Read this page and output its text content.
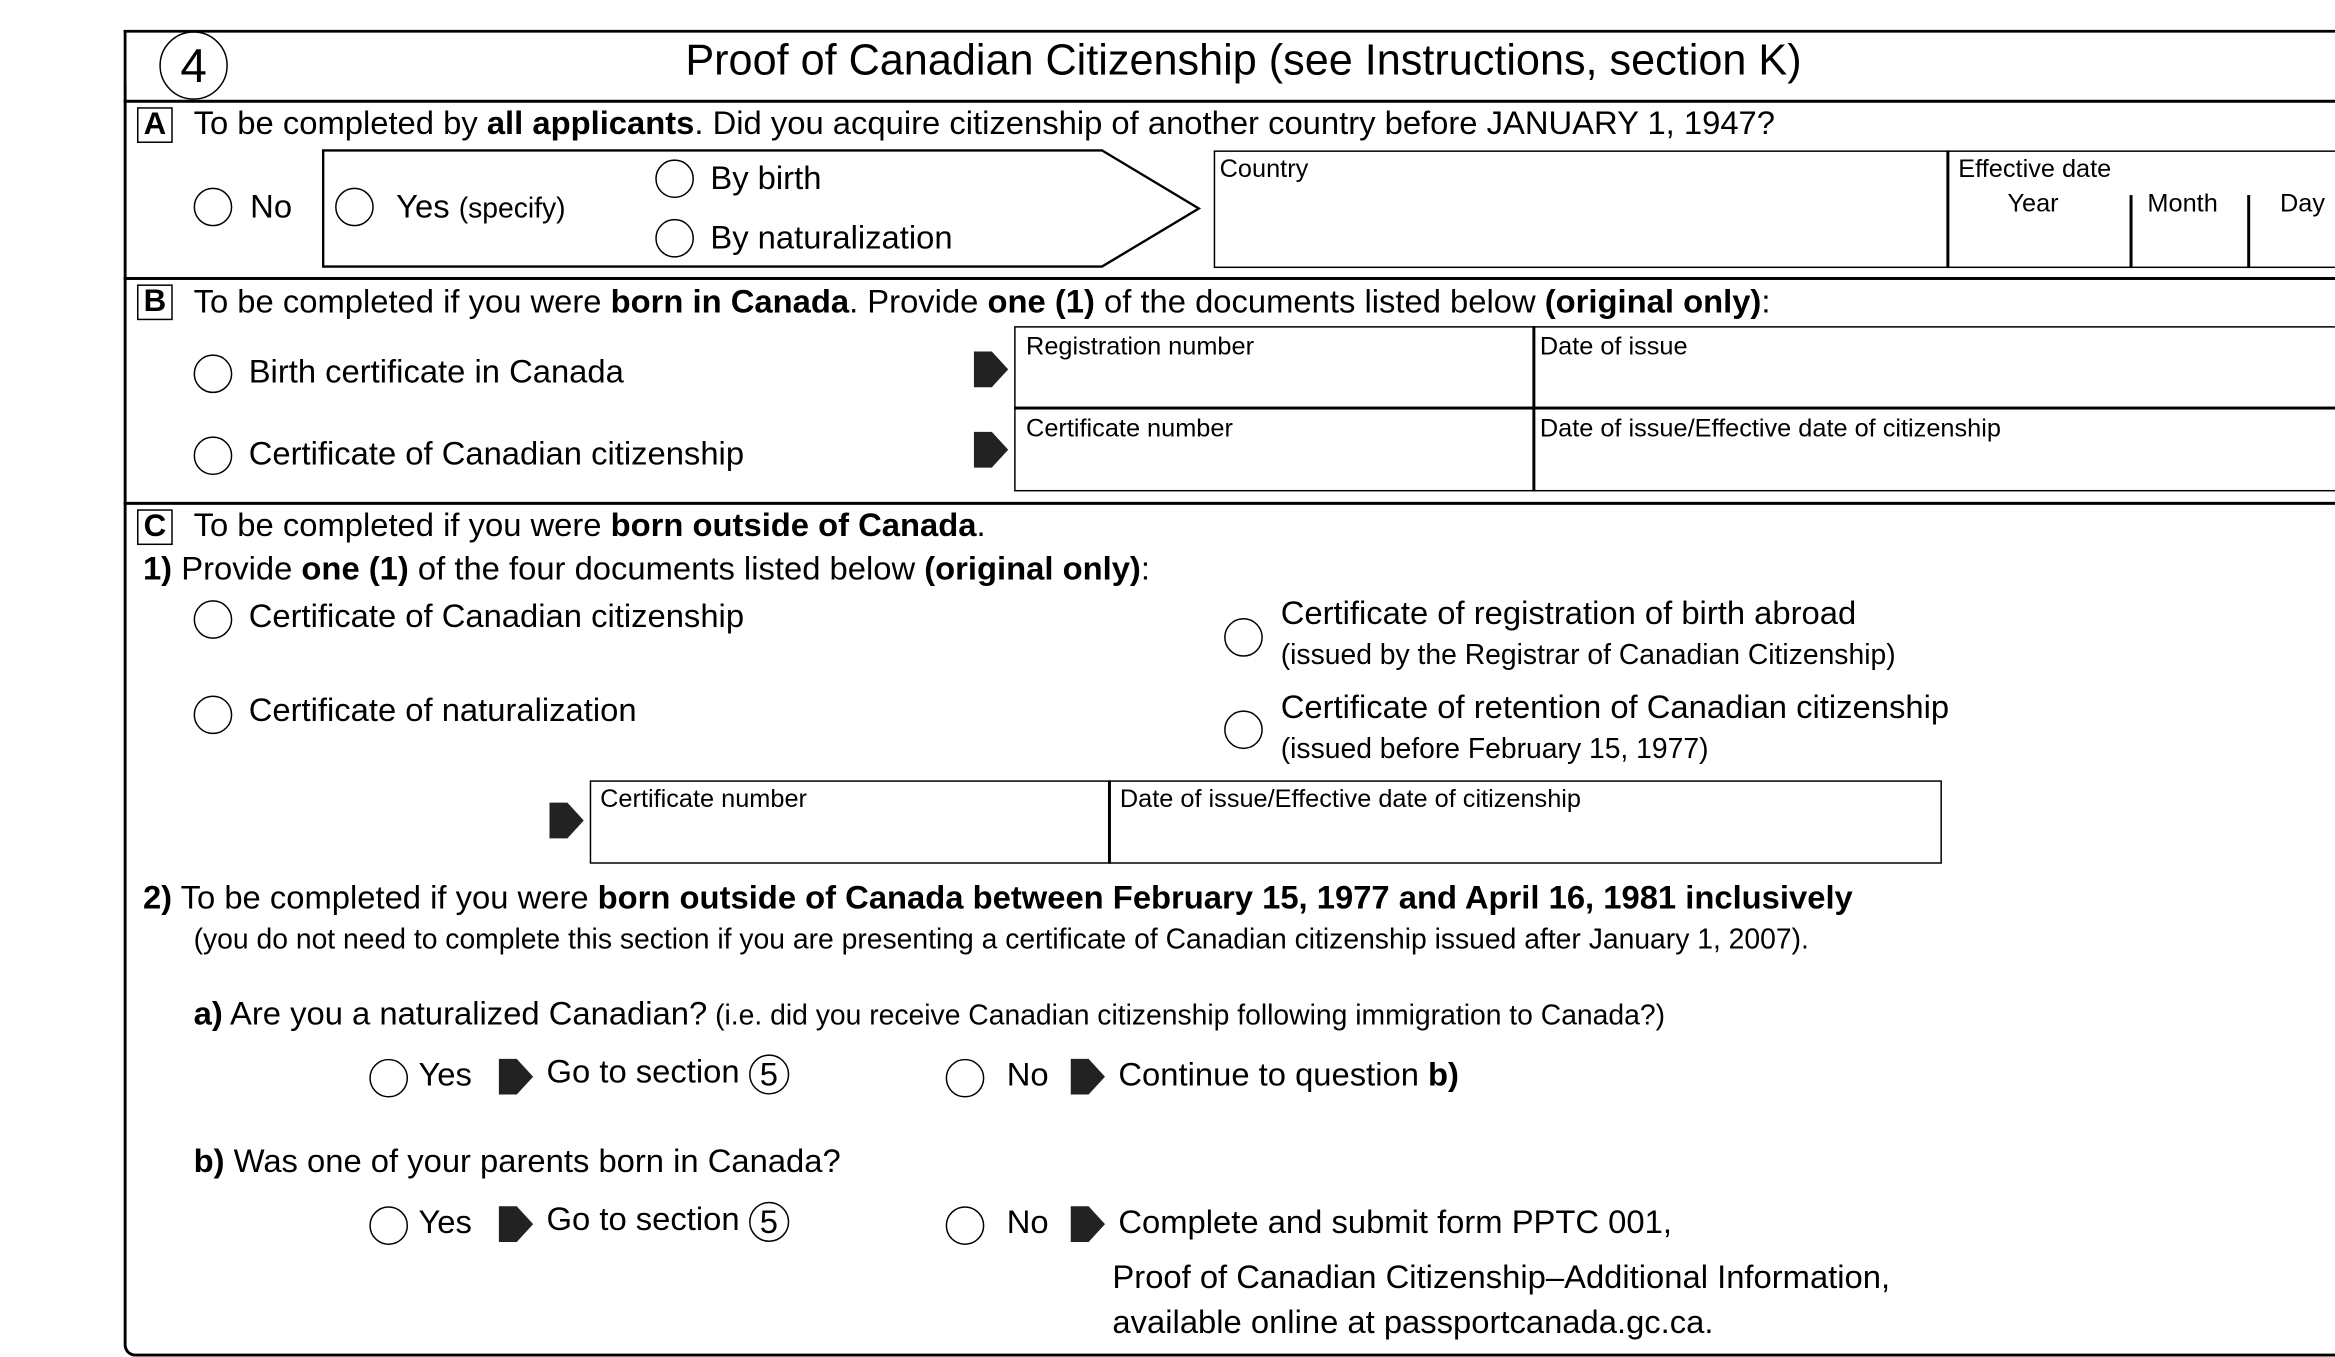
4	Proof of Canadian Citizenship (see Instructions, section K)
A To be completed by all applicants. Did you acquire citizenship of another country before JANUARY 1, 1947?
No	Yes (specify)
By birth
By naturalization
Country	Effective date
Year	Month	Day
B To be completed if you were born in Canada. Provide one (1) of the documents listed below (original only):
Birth certificate in Canada
Certificate of Canadian citizenship
Registration number	Date of issue
Certificate number	Date of issue/Effective date of citizenship
C To be completed if you were born outside of Canada.
1) Provide one (1) of the four documents listed below (original only):
Certificate of Canadian citizenship
Certificate of naturalization
Certificate of registration of birth abroad
(issued by the Registrar of Canadian Citizenship)
Certificate of retention of Canadian citizenship
(issued before February 15, 1977)
Certificate number	Date of issue/Effective date of citizenship
2) To be completed if you were born outside of Canada between February 15, 1977 and April 16, 1981 inclusively
(you do not need to complete this section if you are presenting a certificate of Canadian citizenship issued after January 1, 2007).
a) Are you a naturalized Canadian? (i.e. did you receive Canadian citizenship following immigration to Canada?)
Yes	Go to section 5	No	Continue to question b)
b) Was one of your parents born in Canada?
Yes	Go to section 5	No	Complete and submit form PPTC 001,
Proof of Canadian Citizenship–Additional Information,
available online at passportcanada.gc.ca.
